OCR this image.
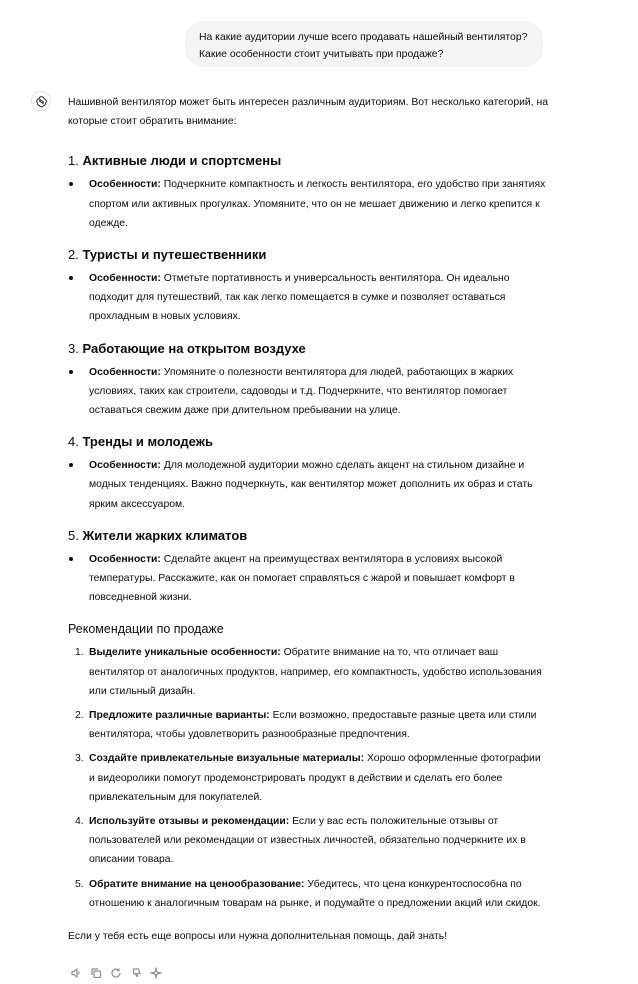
На какие аудитории лучше всего продавать нашейный вентилятор? Какие особенности стоит учитывать при продаже?

Нашивной вентилятор может быть интересен различным аудиториям. Вот несколько категорий, на которые стоит обратить внимание:

1. Активные люди и спортсмены
Особенности: Подчеркните компактность и легкость вентилятора, его удобство при занятиях спортом или активных прогулках. Упомяните, что он не мешает движению и легко крепится к одежде.
2. Туристы и путешественники
Особенности: Отметьте портативность и универсальность вентилятора. Он идеально подходит для путешествий, так как легко помещается в сумке и позволяет оставаться прохладным в новых условиях.
3. Работающие на открытом воздухе
Особенности: Упомяните о полезности вентилятора для людей, работающих в жарких условиях, таких как строители, садоводы и т.д. Подчеркните, что вентилятор помогает оставаться свежим даже при длительном пребывании на улице.
4. Тренды и молодежь
Особенности: Для молодежной аудитории можно сделать акцент на стильном дизайне и модных тенденциях. Важно подчеркнуть, как вентилятор может дополнить их образ и стать ярким аксессуаром.
5. Жители жарких климатов
Особенности: Сделайте акцент на преимуществах вентилятора в условиях высокой температуры. Расскажите, как он помогает справляться с жарой и повышает комфорт в повседневной жизни.
Рекомендации по продаже
1. Выделите уникальные особенности: Обратите внимание на то, что отличает ваш вентилятор от аналогичных продуктов, например, его компактность, удобство использования или стильный дизайн.
2. Предложите различные варианты: Если возможно, предоставьте разные цвета или стили вентилятора, чтобы удовлетворить разнообразные предпочтения.
3. Создайте привлекательные визуальные материалы: Хорошо оформленные фотографии и видеоролики помогут продемонстрировать продукт в действии и сделать его более привлекательным для покупателей.
4. Используйте отзывы и рекомендации: Если у вас есть положительные отзывы от пользователей или рекомендации от известных личностей, обязательно подчеркните их в описании товара.
5. Обратите внимание на ценообразование: Убедитесь, что цена конкурентоспособна по отношению к аналогичным товарам на рынке, и подумайте о предложении акций или скидок.

Если у тебя есть еще вопросы или нужна дополнительная помощь, дай знать!
